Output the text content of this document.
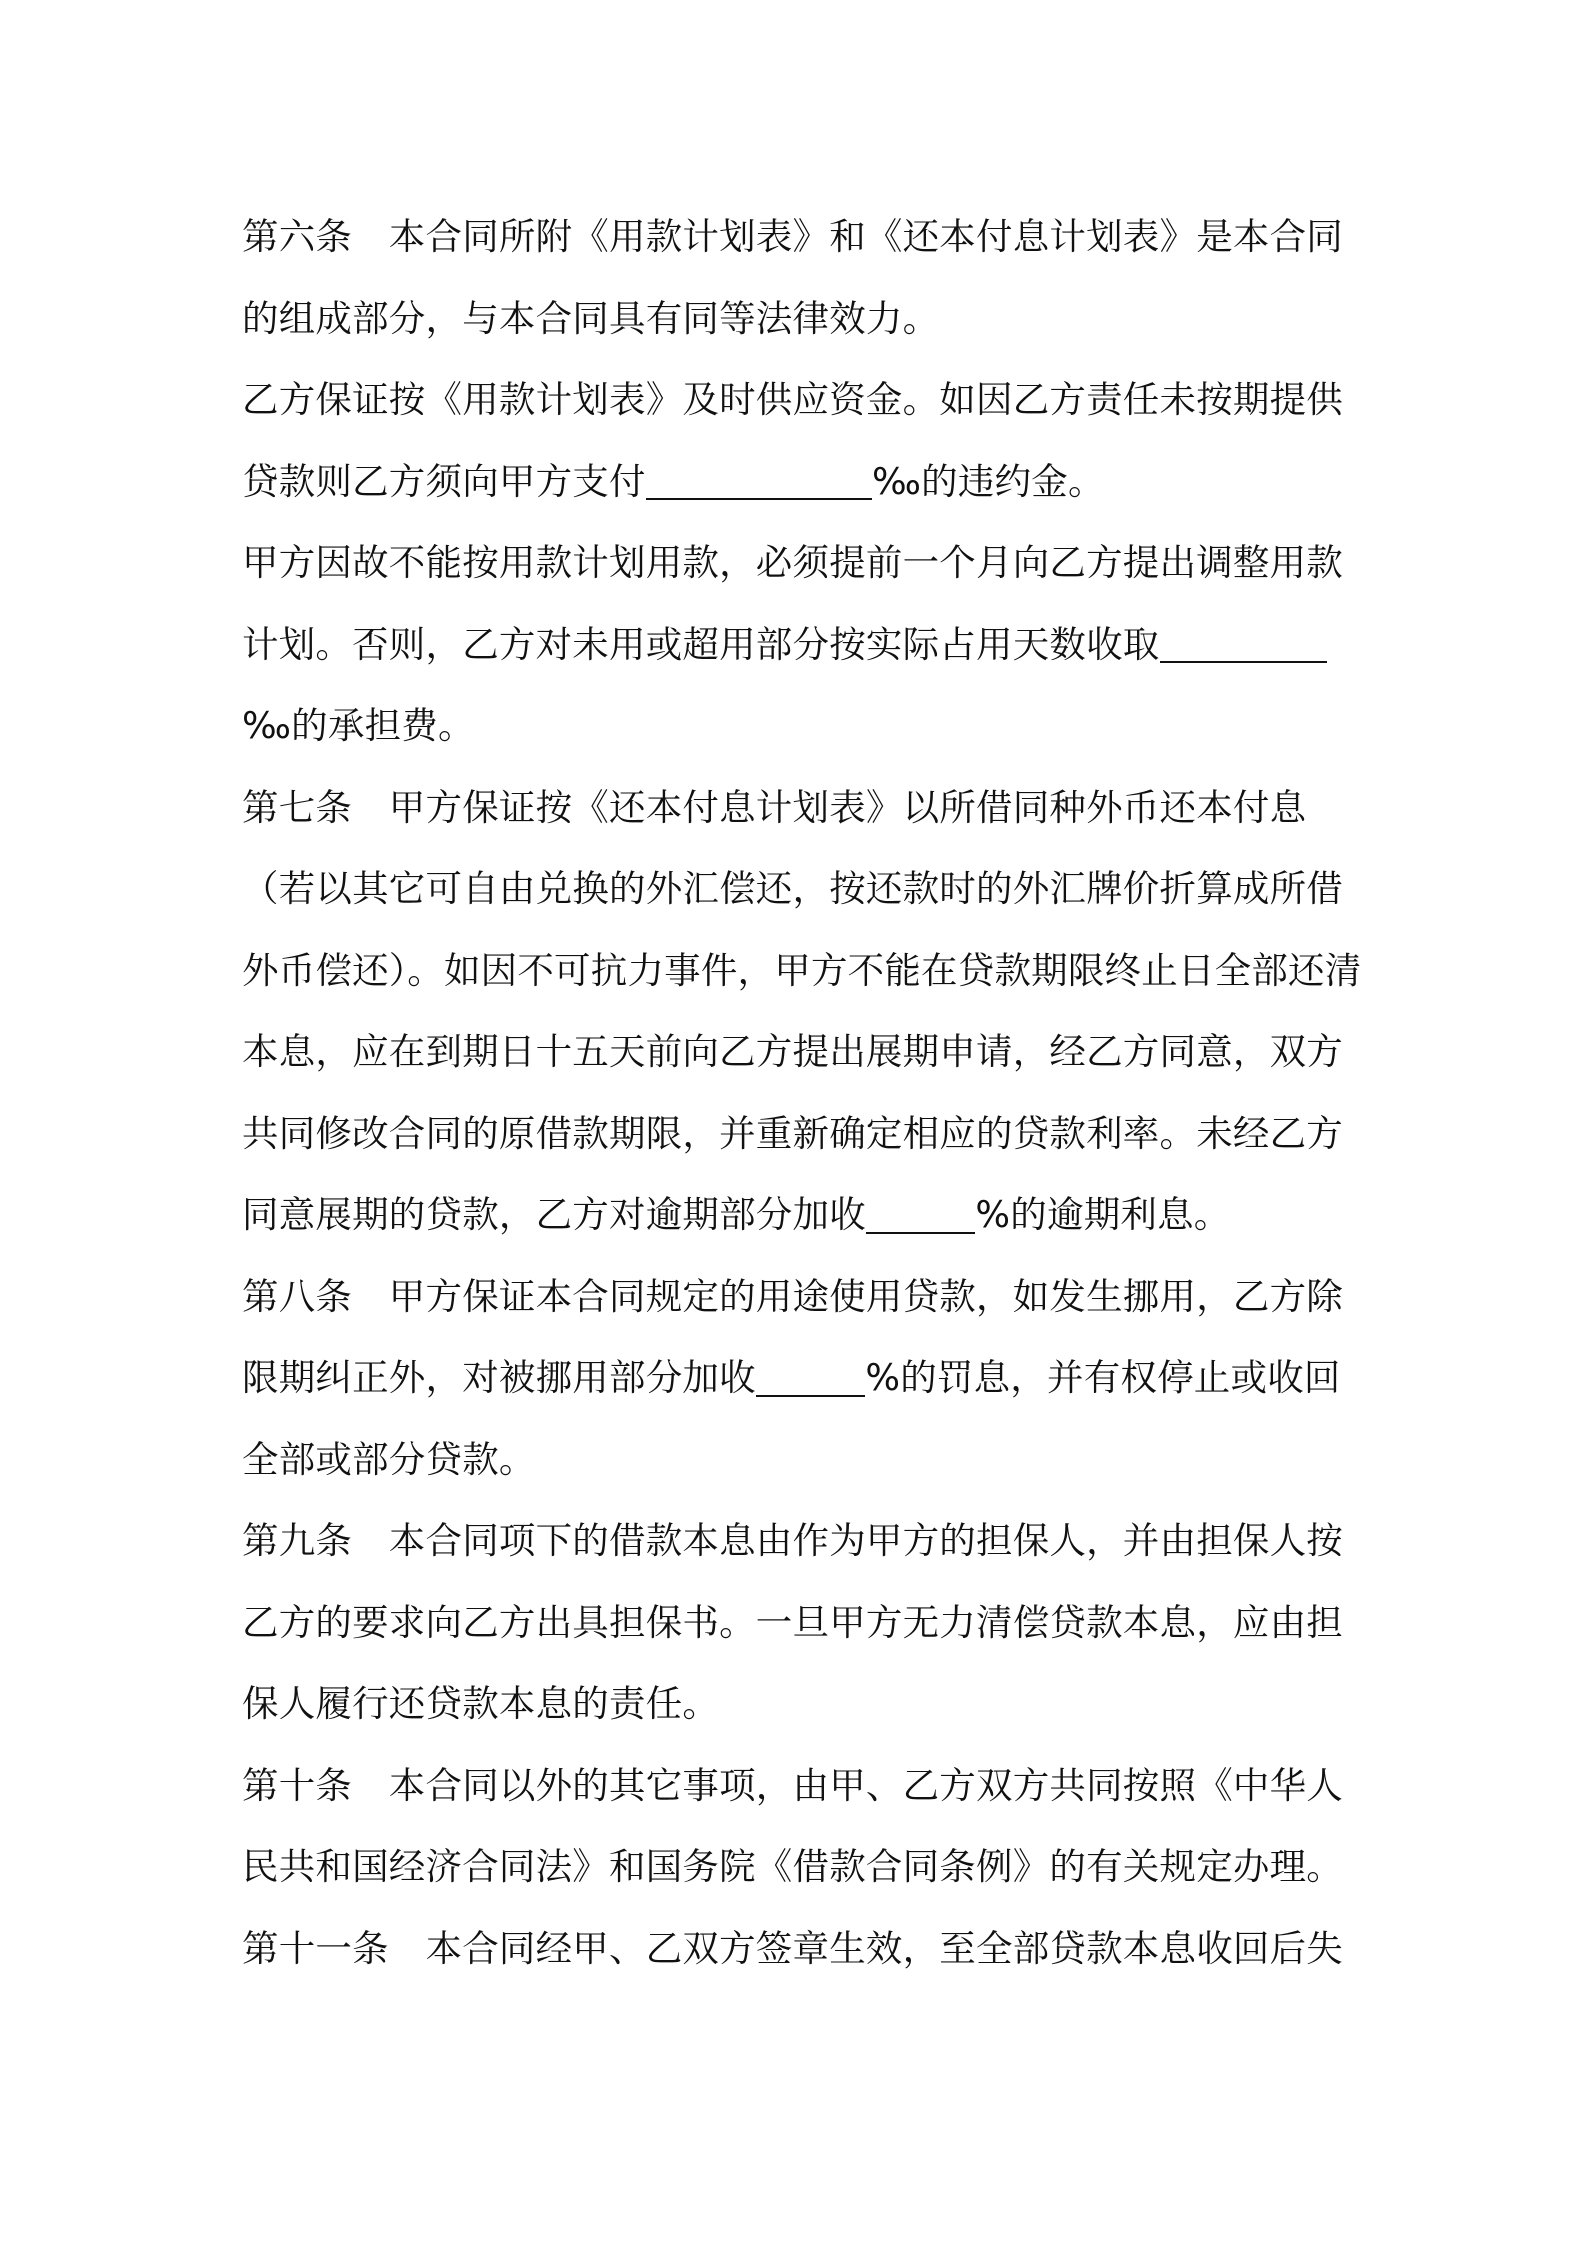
第六条　本合同所附《用款计划表》和《还本付息计划表》是本合同的组成部分，与本合同具有同等法律效力。

乙方保证按《用款计划表》及时供应资金。如因乙方责任未按期提供贷款则乙方须向甲方支付	‰的违约金。

甲方因故不能按用款计划用款，必须提前一个月向乙方提出调整用款计划。否则，乙方对未用或超用部分按实际占用天数收取‰的承担费。

第七条　甲方保证按《还本付息计划表》以所借同种外币还本付息（若以其它可自由兑换的外汇偿还，按还款时的外汇牌价折算成所借外币偿还）。如因不可抗力事件，甲方不能在贷款期限终止日全部还清本息，应在到期日十五天前向乙方提出展期申请，经乙方同意，双方共同修改合同的原借款期限，并重新确定相应的贷款利率。未经乙方同意展期的贷款，乙方对逾期部分加收	%的逾期利息。

第八条　甲方保证本合同规定的用途使用贷款，如发生挪用，乙方除限期纠正外，对被挪用部分加收	%的罚息，并有权停止或收回全部或部分贷款。

第九条　本合同项下的借款本息由作为甲方的担保人，并由担保人按乙方的要求向乙方出具担保书。一旦甲方无力清偿贷款本息，应由担保人履行还贷款本息的责任。

第十条　本合同以外的其它事项，由甲、乙方双方共同按照《中华人民共和国经济合同法》和国务院《借款合同条例》的有关规定办理。

第十一条　本合同经甲、乙双方签章生效，至全部贷款本息收回后失
